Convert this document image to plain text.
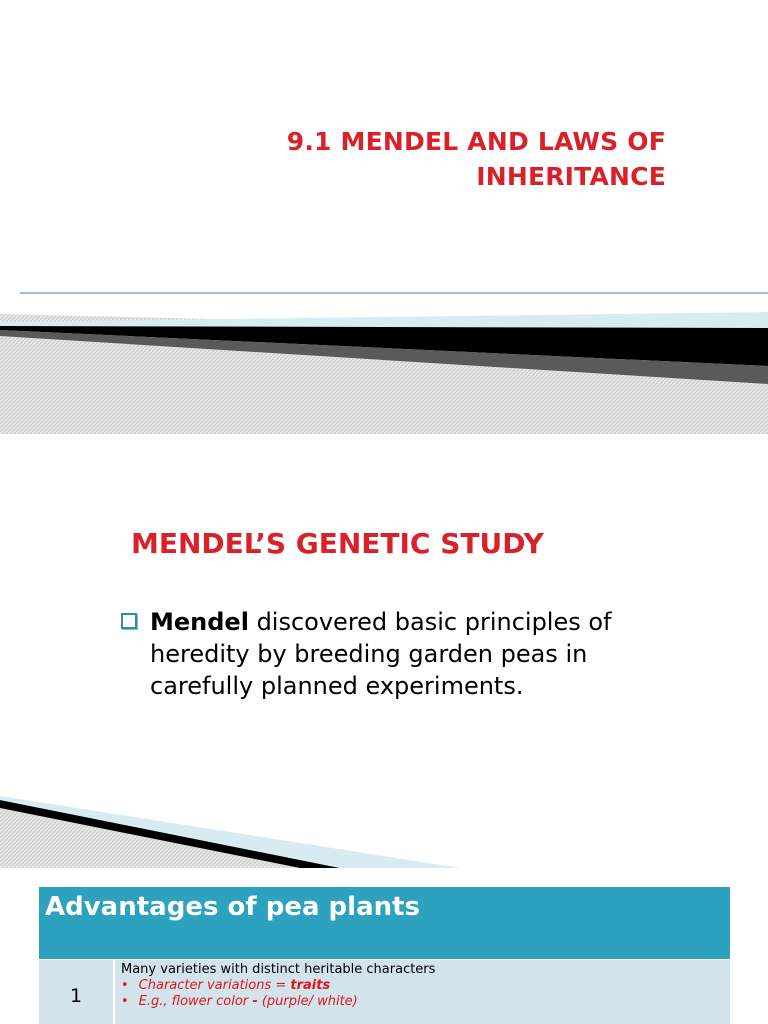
9.1 MENDEL AND LAWS OF
INHERITANCE
MENDEL’S GENETIC STUDY
Mendel discovered basic principles of heredity by breeding garden peas in carefully planned experiments.
Advantages of pea plants
1
Many varieties with distinct heritable characters
• Character variations = traits
• E.g., flower color - (purple/ white)
